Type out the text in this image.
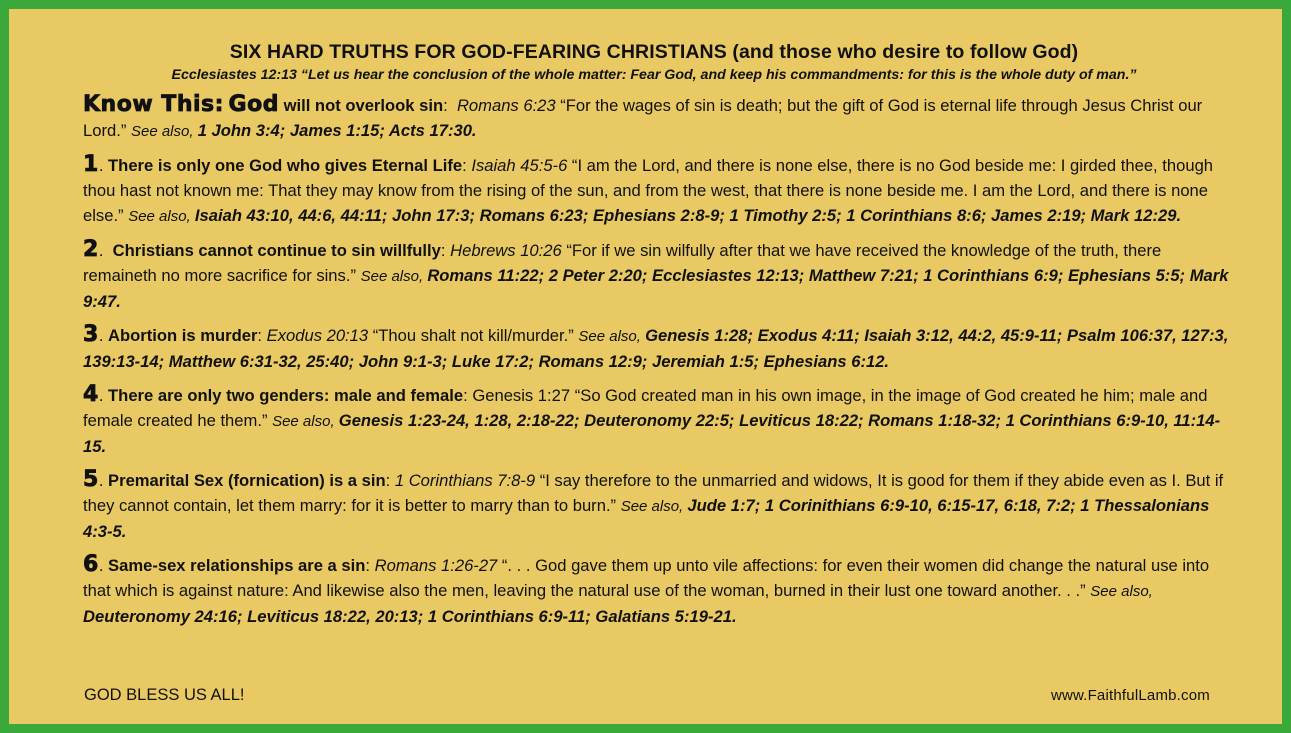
SIX HARD TRUTHS FOR GOD-FEARING CHRISTIANS (and those who desire to follow God)
Ecclesiastes 12:13 “Let us hear the conclusion of the whole matter: Fear God, and keep his commandments: for this is the whole duty of man.”
Know This: God will not overlook sin:  Romans 6:23 “For the wages of sin is death; but the gift of God is eternal life through Jesus Christ our Lord.” See also, 1 John 3:4; James 1:15; Acts 17:30.
1. There is only one God who gives Eternal Life: Isaiah 45:5-6 “I am the Lord, and there is none else, there is no God beside me: I girded thee, though thou hast not known me: That they may know from the rising of the sun, and from the west, that there is none beside me. I am the Lord, and there is none else.” See also, Isaiah 43:10, 44:6, 44:11; John 17:3; Romans 6:23; Ephesians 2:8-9; 1 Timothy 2:5; 1 Corinthians 8:6; James 2:19; Mark 12:29.
2.  Christians cannot continue to sin willfully: Hebrews 10:26 “For if we sin wilfully after that we have received the knowledge of the truth, there remaineth no more sacrifice for sins.” See also, Romans 11:22; 2 Peter 2:20; Ecclesiastes 12:13; Matthew 7:21; 1 Corinthians 6:9; Ephesians 5:5; Mark 9:47.
3. Abortion is murder: Exodus 20:13 “Thou shalt not kill/murder.” See also, Genesis 1:28; Exodus 4:11; Isaiah 3:12, 44:2, 45:9-11; Psalm 106:37, 127:3, 139:13-14; Matthew 6:31-32, 25:40; John 9:1-3; Luke 17:2; Romans 12:9; Jeremiah 1:5; Ephesians 6:12.
4. There are only two genders: male and female: Genesis 1:27 “So God created man in his own image, in the image of God created he him; male and female created he them.” See also, Genesis 1:23-24, 1:28, 2:18-22; Deuteronomy 22:5; Leviticus 18:22; Romans 1:18-32; 1 Corinthians 6:9-10, 11:14-15.
5. Premarital Sex (fornication) is a sin: 1 Corinthians 7:8-9 “I say therefore to the unmarried and widows, It is good for them if they abide even as I. But if they cannot contain, let them marry: for it is better to marry than to burn.” See also, Jude 1:7; 1 Corinithians 6:9-10, 6:15-17, 6:18, 7:2; 1 Thessalonians 4:3-5.
6. Same-sex relationships are a sin: Romans 1:26-27 “. . . God gave them up unto vile affections: for even their women did change the natural use into that which is against nature: And likewise also the men, leaving the natural use of the woman, burned in their lust one toward another. . .” See also, Deuteronomy 24:16; Leviticus 18:22, 20:13; 1 Corinthians 6:9-11; Galatians 5:19-21.
GOD BLESS US ALL!	www.FaithfulLamb.com
